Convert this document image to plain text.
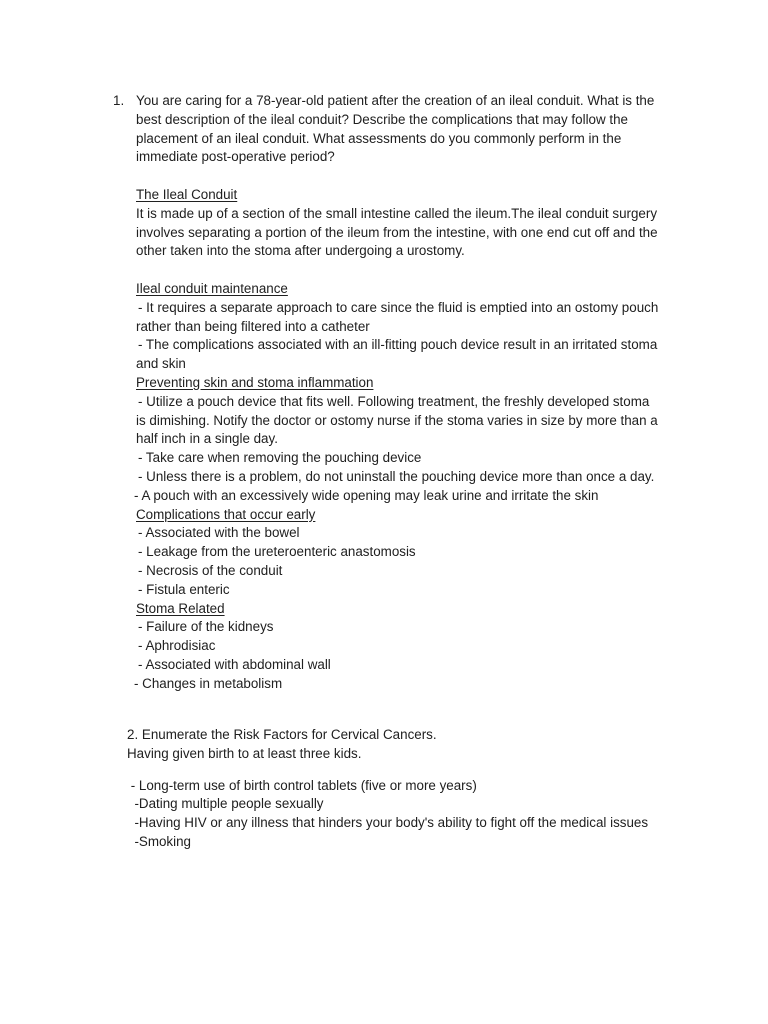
1. You are caring for a 78-year-old patient after the creation of an ileal conduit. What is the
best description of the ileal conduit? Describe the complications that may follow the
placement of an ileal conduit. What assessments do you commonly perform in the
immediate post-operative period?
The Ileal Conduit
It is made up of a section of the small intestine called the ileum.The ileal conduit surgery
involves separating a portion of the ileum from the intestine, with one end cut off and the
other taken into the stoma after undergoing a urostomy.
Ileal conduit maintenance
- It requires a separate approach to care since the fluid is emptied into an ostomy pouch
rather than being filtered into a catheter
- The complications associated with an ill-fitting pouch device result in an irritated stoma
and skin
Preventing skin and stoma inflammation
- Utilize a pouch device that fits well. Following treatment, the freshly developed stoma
is dimishing. Notify the doctor or ostomy nurse if the stoma varies in size by more than a
half inch in a single day.
- Take care when removing the pouching device
- Unless there is a problem, do not uninstall the pouching device more than once a day.
- A pouch with an excessively wide opening may leak urine and irritate the skin
Complications that occur early
- Associated with the bowel
- Leakage from the ureteroenteric anastomosis
- Necrosis of the conduit
- Fistula enteric
Stoma Related
- Failure of the kidneys
- Aphrodisiac
- Associated with abdominal wall
- Changes in metabolism
2. Enumerate the Risk Factors for Cervical Cancers.
Having given birth to at least three kids.
- Long-term use of birth control tablets (five or more years)
-Dating multiple people sexually
-Having HIV or any illness that hinders your body's ability to fight off the medical issues
-Smoking
